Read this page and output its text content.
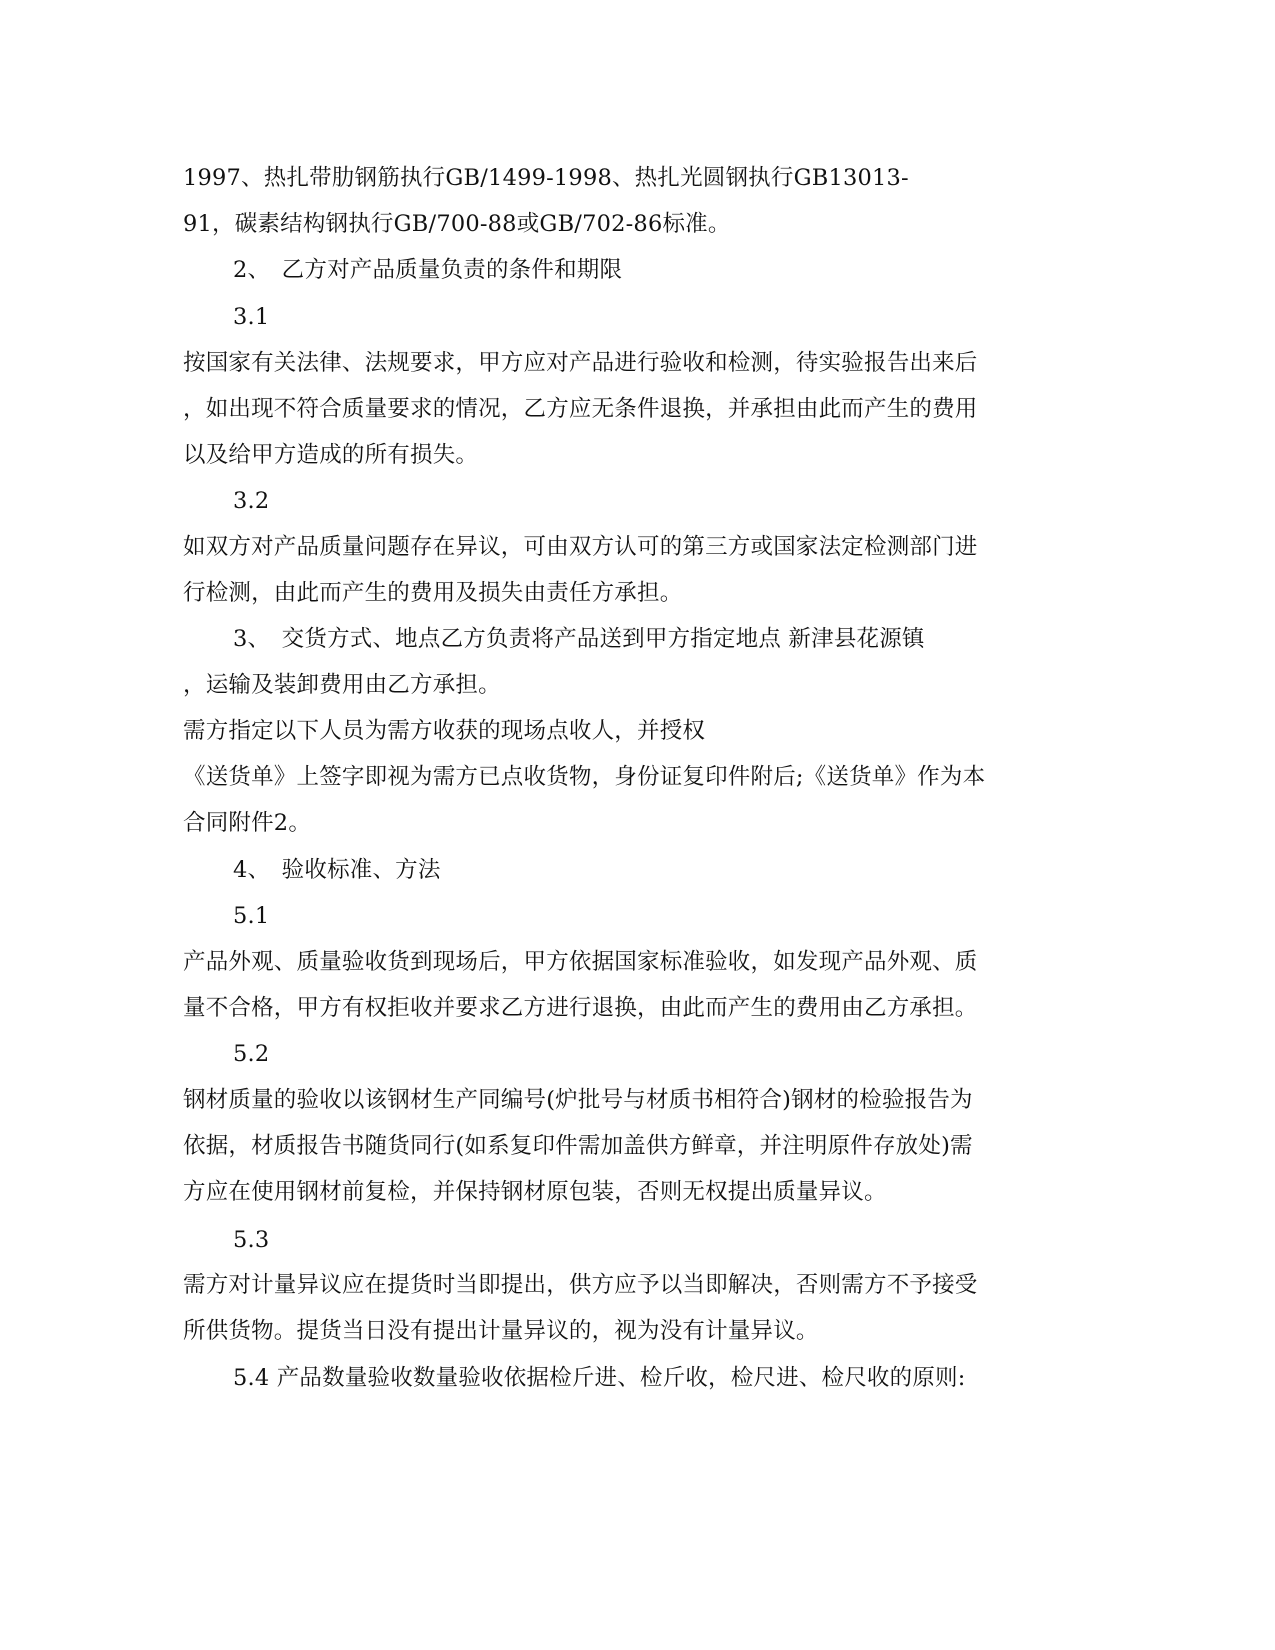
1997、热扎带肋钢筋执行GB/1499-1998、热扎光圆钢执行GB13013-
91，碳素结构钢执行GB/700-88或GB/702-86标准。
2、　乙方对产品质量负责的条件和期限
3.1
按国家有关法律、法规要求，甲方应对产品进行验收和检测，待实验报告出来后
，如出现不符合质量要求的情况，乙方应无条件退换，并承担由此而产生的费用
以及给甲方造成的所有损失。
3.2
如双方对产品质量问题存在异议，可由双方认可的第三方或国家法定检测部门进
行检测，由此而产生的费用及损失由责任方承担。
3、　交货方式、地点乙方负责将产品送到甲方指定地点 新津县花源镇
，运输及装卸费用由乙方承担。
需方指定以下人员为需方收获的现场点收人，并授权
《送货单》上签字即视为需方已点收货物，身份证复印件附后;《送货单》作为本
合同附件2。
4、　验收标准、方法
5.1
产品外观、质量验收货到现场后，甲方依据国家标准验收，如发现产品外观、质
量不合格，甲方有权拒收并要求乙方进行退换，由此而产生的费用由乙方承担。
5.2
钢材质量的验收以该钢材生产同编号(炉批号与材质书相符合)钢材的检验报告为
依据，材质报告书随货同行(如系复印件需加盖供方鲜章，并注明原件存放处)需
方应在使用钢材前复检，并保持钢材原包装，否则无权提出质量异议。
5.3
需方对计量异议应在提货时当即提出，供方应予以当即解决，否则需方不予接受
所供货物。提货当日没有提出计量异议的，视为没有计量异议。
5.4 产品数量验收数量验收依据检斤进、检斤收，检尺进、检尺收的原则:
